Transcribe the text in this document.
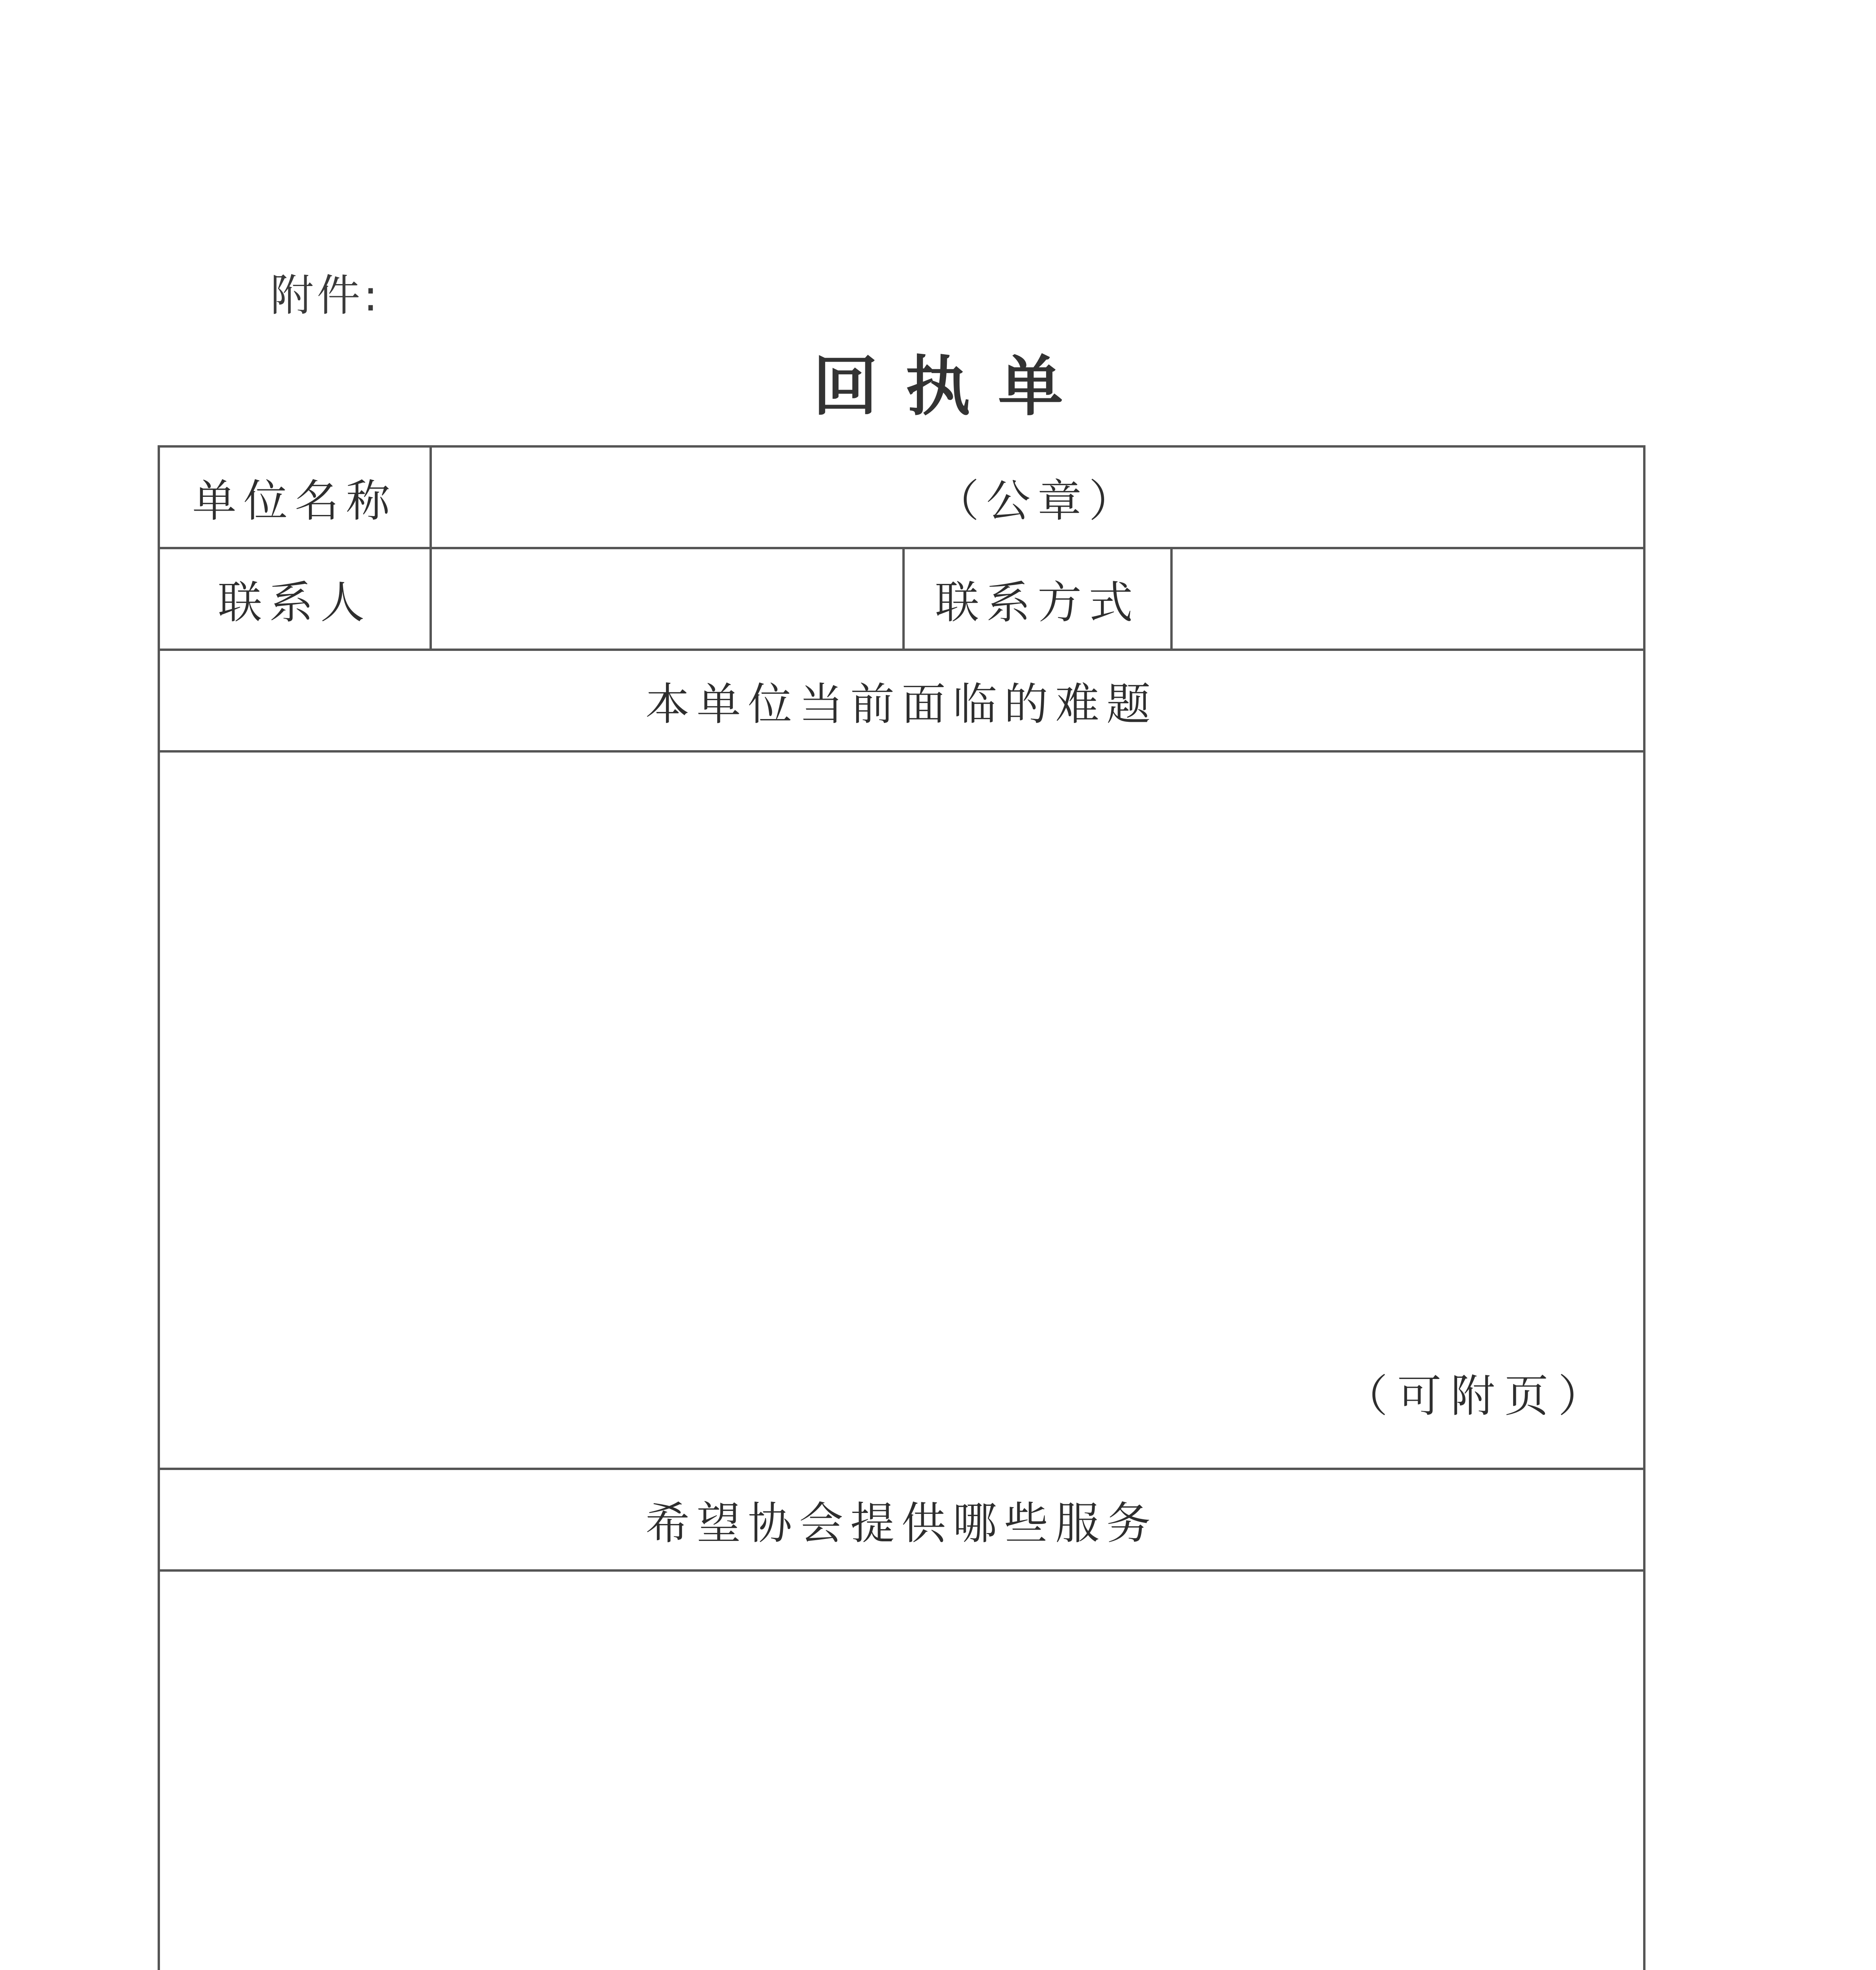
附件:
回执单
单位名称	（公章）		
联系人		联系方式	
本单位当前面临的难题			

（可附页）			

希望协会提供哪些服务			
